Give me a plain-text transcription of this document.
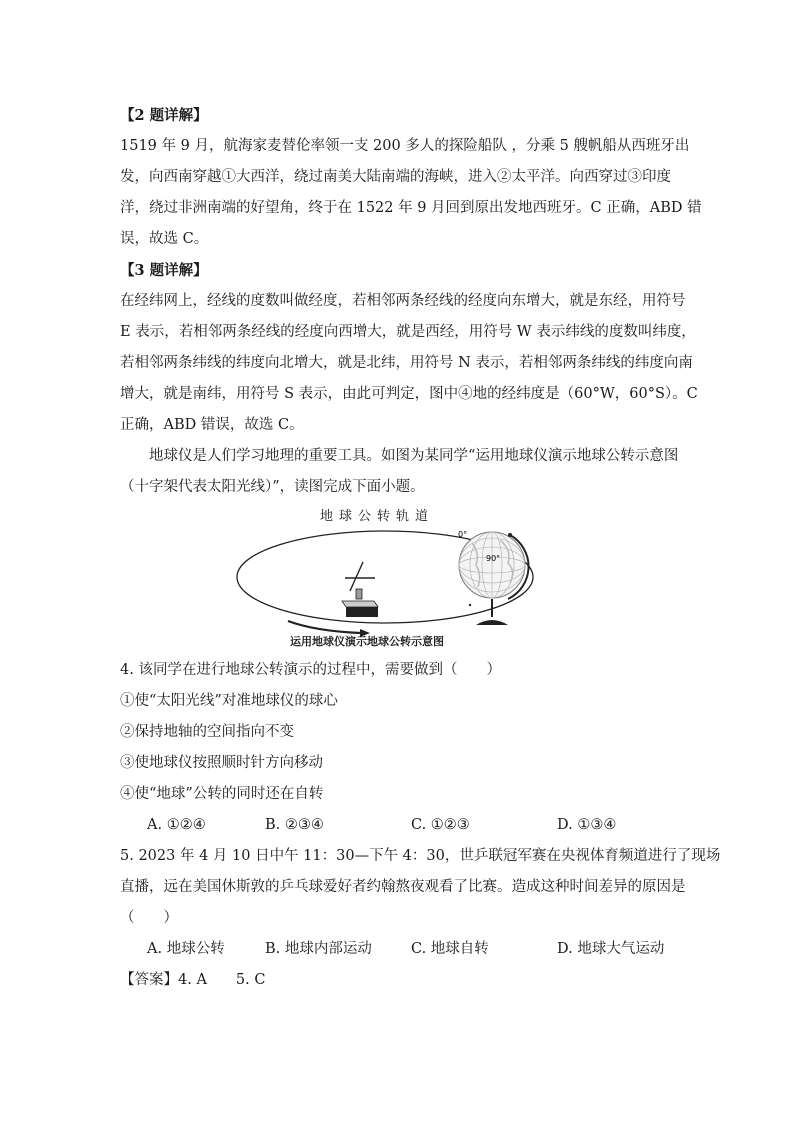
【2 题详解】
1519 年 9 月，航海家麦替伦率领一支 200 多人的探险船队 ，分乘 5 艘帆船从西班牙出
发，向西南穿越①大西洋，绕过南美大陆南端的海峡，进入②太平洋。向西穿过③印度
洋，绕过非洲南端的好望角，终于在 1522 年 9 月回到原出发地西班牙。C 正确，ABD 错
误，故选 C。
【3 题详解】
在经纬网上，经线的度数叫做经度，若相邻两条经线的经度向东增大，就是东经，用符号
E 表示，若相邻两条经线的经度向西增大，就是西经，用符号 W 表示纬线的度数叫纬度，
若相邻两条纬线的纬度向北增大，就是北纬，用符号 N 表示，若相邻两条纬线的纬度向南
增大，就是南纬，用符号 S 表示，由此可判定，图中④地的经纬度是（60°W，60°S）。C
正确，ABD 错误，故选 C。
地球仪是人们学习地理的重要工具。如图为某同学“运用地球仪演示地球公转示意图
（十字架代表太阳光线）”，读图完成下面小题。
地球公转轨道
0°
90°
运用地球仪演示地球公转示意图
4. 该同学在进行地球公转演示的过程中，需要做到（　　）
①使“太阳光线”对准地球仪的球心
②保持地轴的空间指向不变
③使地球仪按照顺时针方向移动
④使“地球”公转的同时还在自转
A. ①②④	B. ②③④	C. ①②③	D. ①③④
5. 2023 年 4 月 10 日中午 11：30—下午 4：30，世乒联冠军赛在央视体育频道进行了现场
直播，远在美国休斯敦的乒乓球爱好者约翰熬夜观看了比赛。造成这种时间差异的原因是
（　　）
A. 地球公转	B. 地球内部运动	C. 地球自转	D. 地球大气运动
【答案】4. A　　5. C
